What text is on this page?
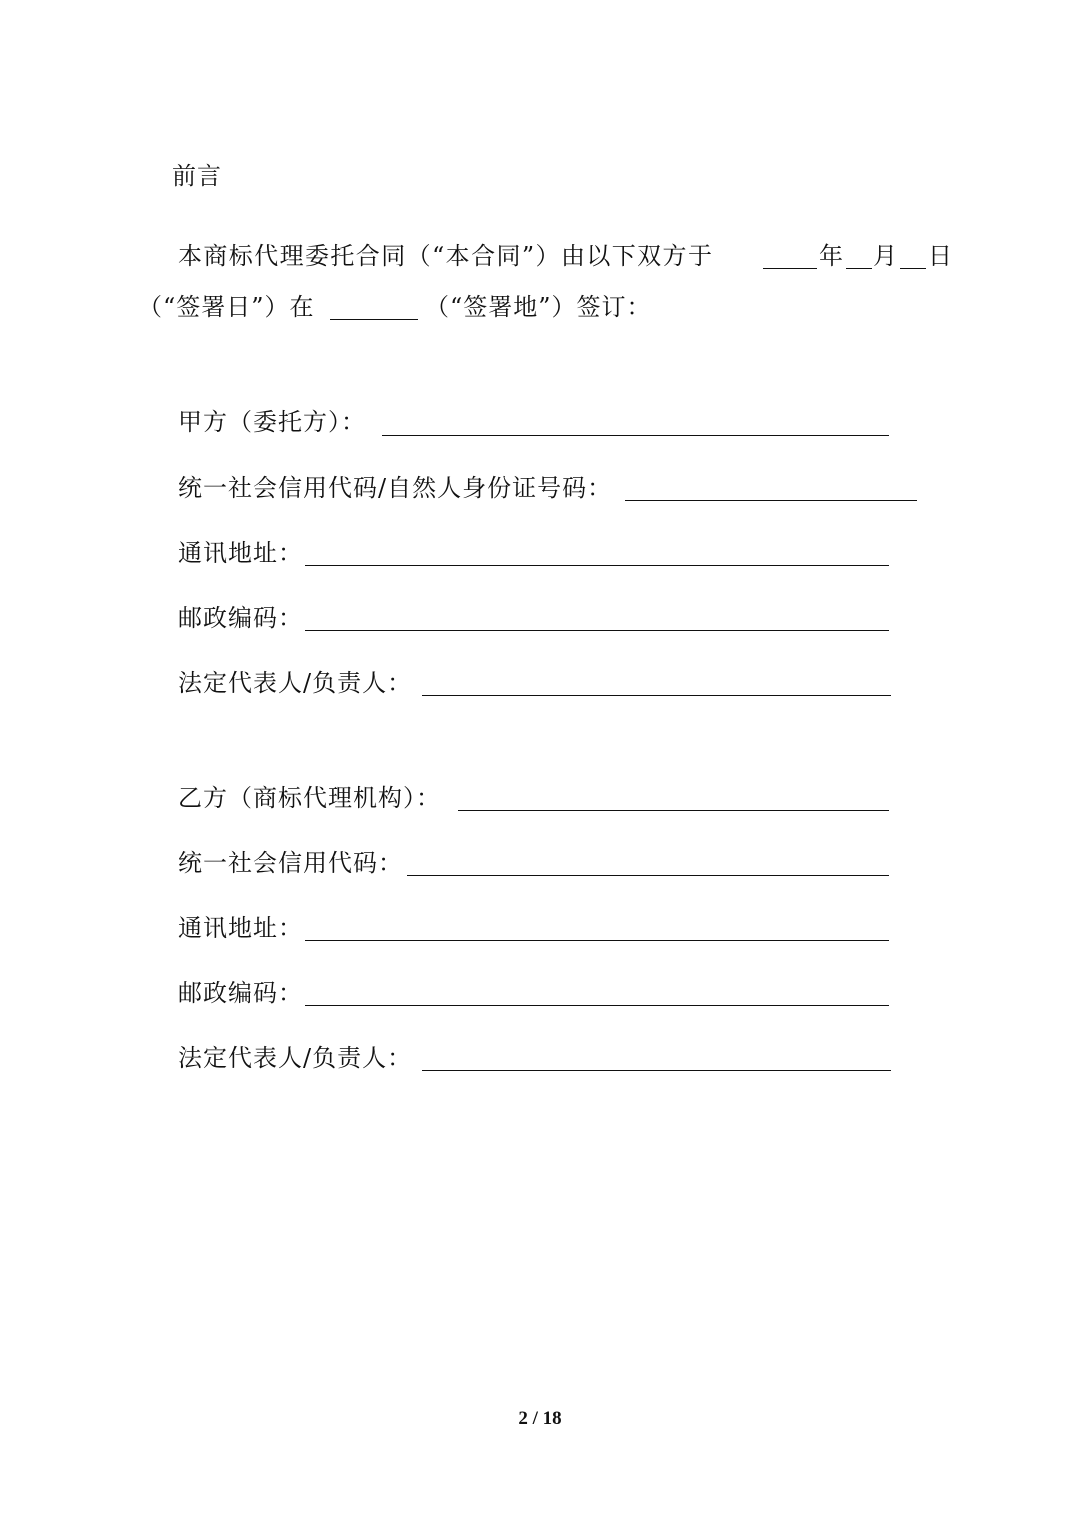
前言
本商标代理委托合同（“本合同”）由以下双方于	年 月 日
（“签署日”）在	（“签署地”）签订：
甲方（委托方）：
统一社会信用代码/自然人身份证号码：
通讯地址：
邮政编码：
法定代表人/负责人：
乙方（商标代理机构）：
统一社会信用代码：
通讯地址：
邮政编码：
法定代表人/负责人：
2 / 18
